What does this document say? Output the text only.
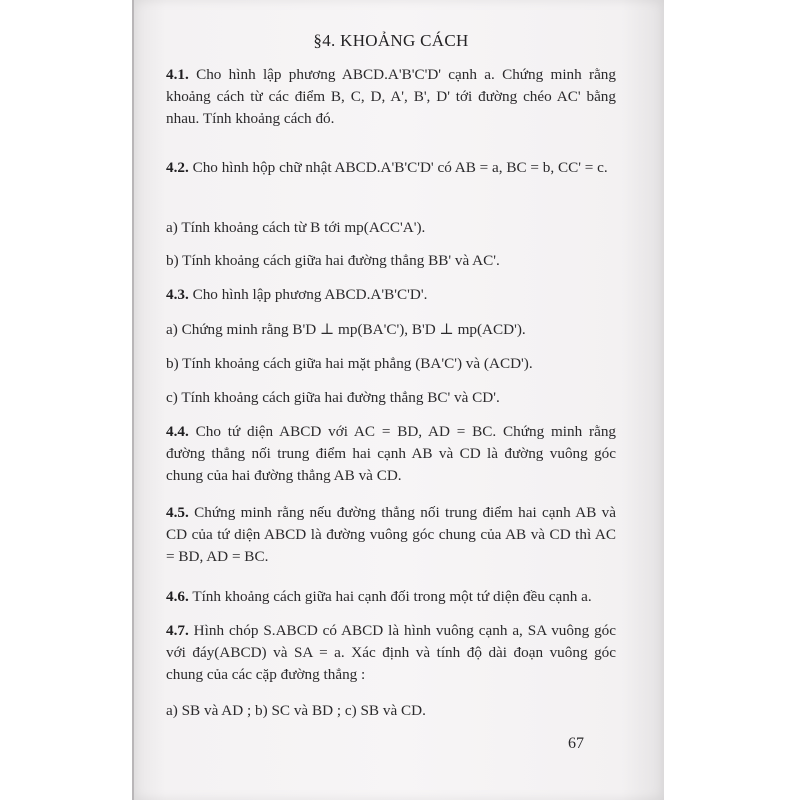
§4. KHOẢNG CÁCH

4.1. Cho hình lập phương ABCD.A'B'C'D' cạnh a. Chứng minh rằng khoảng cách từ các điểm B, C, D, A', B', D' tới đường chéo AC' bằng nhau. Tính khoảng cách đó.

4.2. Cho hình hộp chữ nhật ABCD.A'B'C'D' có AB = a, BC = b, CC' = c.

a) Tính khoảng cách từ B tới mp(ACC'A').

b) Tính khoảng cách giữa hai đường thẳng BB' và AC'.

4.3. Cho hình lập phương ABCD.A'B'C'D'.

a) Chứng minh rằng B'D ⊥ mp(BA'C'), B'D ⊥ mp(ACD').

b) Tính khoảng cách giữa hai mặt phẳng (BA'C') và (ACD').

c) Tính khoảng cách giữa hai đường thẳng BC' và CD'.

4.4. Cho tứ diện ABCD với AC = BD, AD = BC. Chứng minh rằng đường thẳng nối trung điểm hai cạnh AB và CD là đường vuông góc chung của hai đường thẳng AB và CD.

4.5. Chứng minh rằng nếu đường thẳng nối trung điểm hai cạnh AB và CD của tứ diện ABCD là đường vuông góc chung của AB và CD thì AC = BD, AD = BC.

4.6. Tính khoảng cách giữa hai cạnh đối trong một tứ diện đều cạnh a.

4.7. Hình chóp S.ABCD có ABCD là hình vuông cạnh a, SA vuông góc với đáy(ABCD) và SA = a. Xác định và tính độ dài đoạn vuông góc chung của các cặp đường thẳng :

a) SB và AD ; b) SC và BD ; c) SB và CD.

67
